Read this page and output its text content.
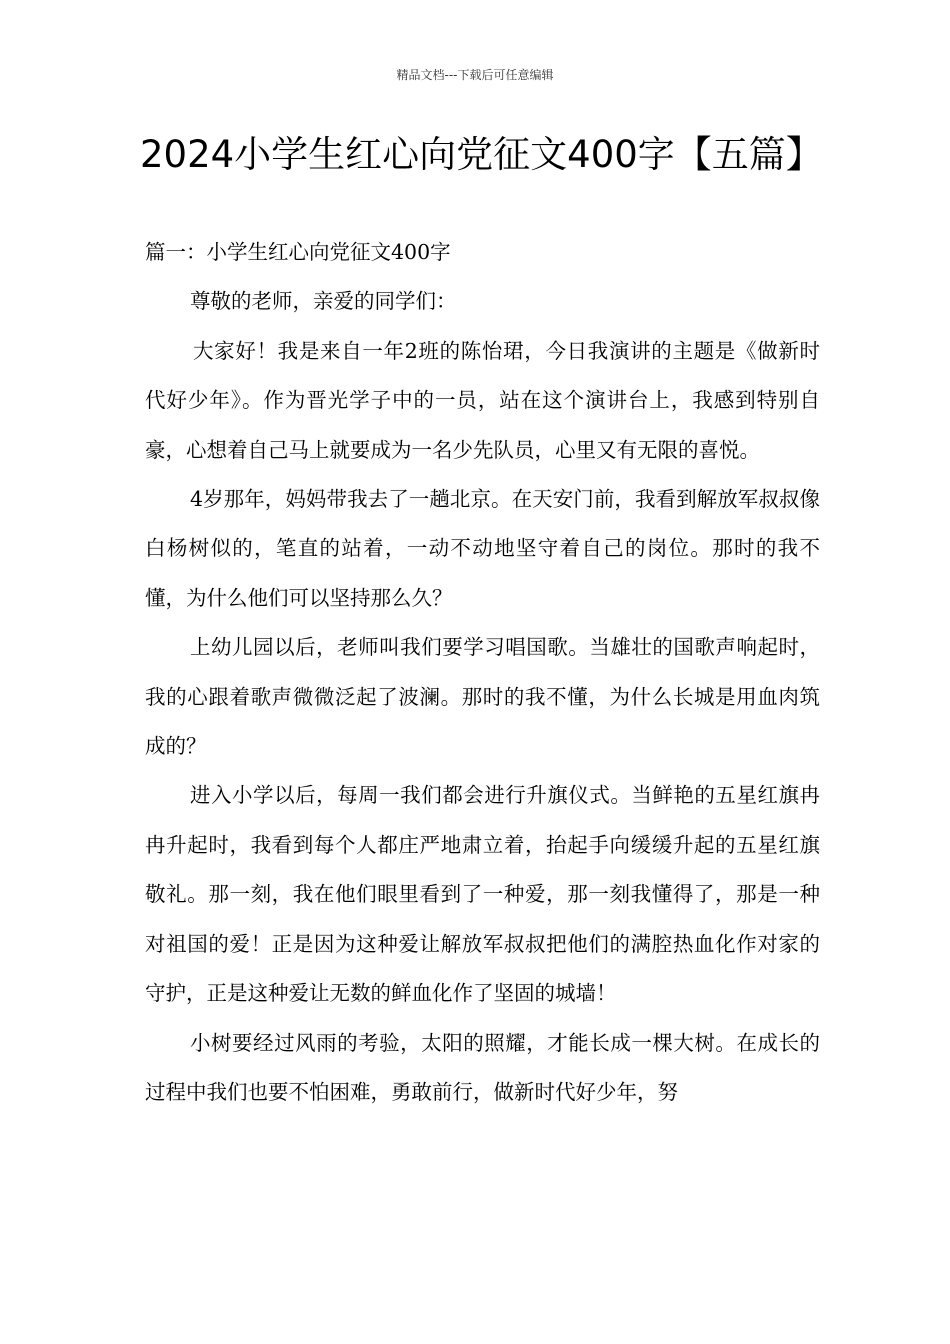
精品文档---下载后可任意编辑
2024小学生红心向党征文400字【五篇】

篇一：小学生红心向党征文400字

尊敬的老师，亲爱的同学们：

大家好！我是来自一年2班的陈怡珺，今日我演讲的主题是《做新时代好少年》。作为晋光学子中的一员，站在这个演讲台上，我感到特别自豪，心想着自己马上就要成为一名少先队员，心里又有无限的喜悦。

4岁那年，妈妈带我去了一趟北京。在天安门前，我看到解放军叔叔像白杨树似的，笔直的站着，一动不动地坚守着自己的岗位。那时的我不懂，为什么他们可以坚持那么久？

上幼儿园以后，老师叫我们要学习唱国歌。当雄壮的国歌声响起时，我的心跟着歌声微微泛起了波澜。那时的我不懂，为什么长城是用血肉筑成的？

进入小学以后，每周一我们都会进行升旗仪式。当鲜艳的五星红旗冉冉升起时，我看到每个人都庄严地肃立着，抬起手向缓缓升起的五星红旗敬礼。那一刻，我在他们眼里看到了一种爱，那一刻我懂得了，那是一种对祖国的爱！正是因为这种爱让解放军叔叔把他们的满腔热血化作对家的守护，正是这种爱让无数的鲜血化作了坚固的城墙！

小树要经过风雨的考验，太阳的照耀，才能长成一棵大树。在成长的过程中我们也要不怕困难，勇敢前行，做新时代好少年，努
